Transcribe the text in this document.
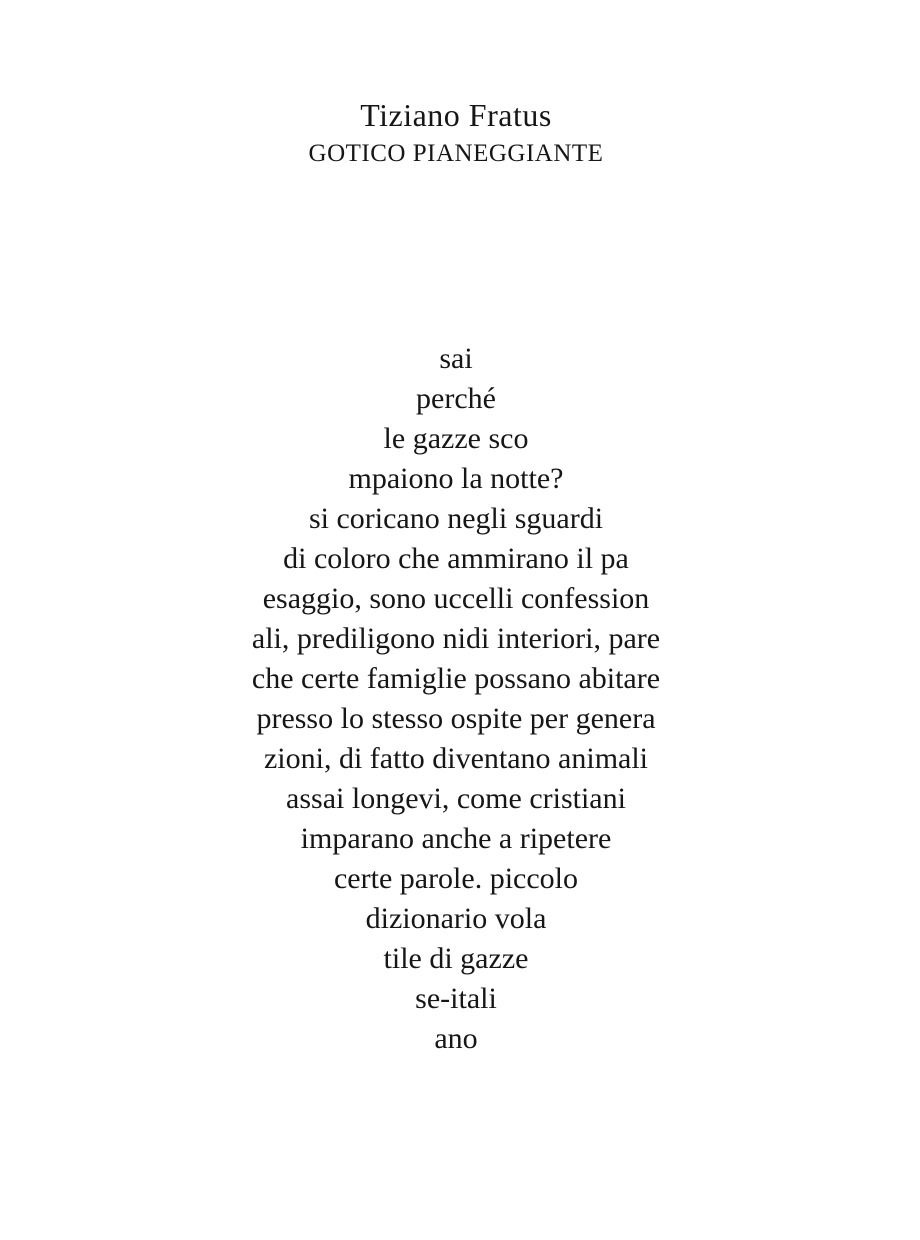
Tiziano Fratus
GOTICO PIANEGGIANTE
sai
perché
le gazze sco
mpaiono la notte?
si coricano negli sguardi
di coloro che ammirano il pa
esaggio, sono uccelli confession
ali, prediligono nidi interiori, pare
che certe famiglie possano abitare
presso lo stesso ospite per genera
zioni, di fatto diventano animali
assai longevi, come cristiani
imparano anche a ripetere
certe parole. piccolo
dizionario vola
tile di gazze
se-itali
ano
